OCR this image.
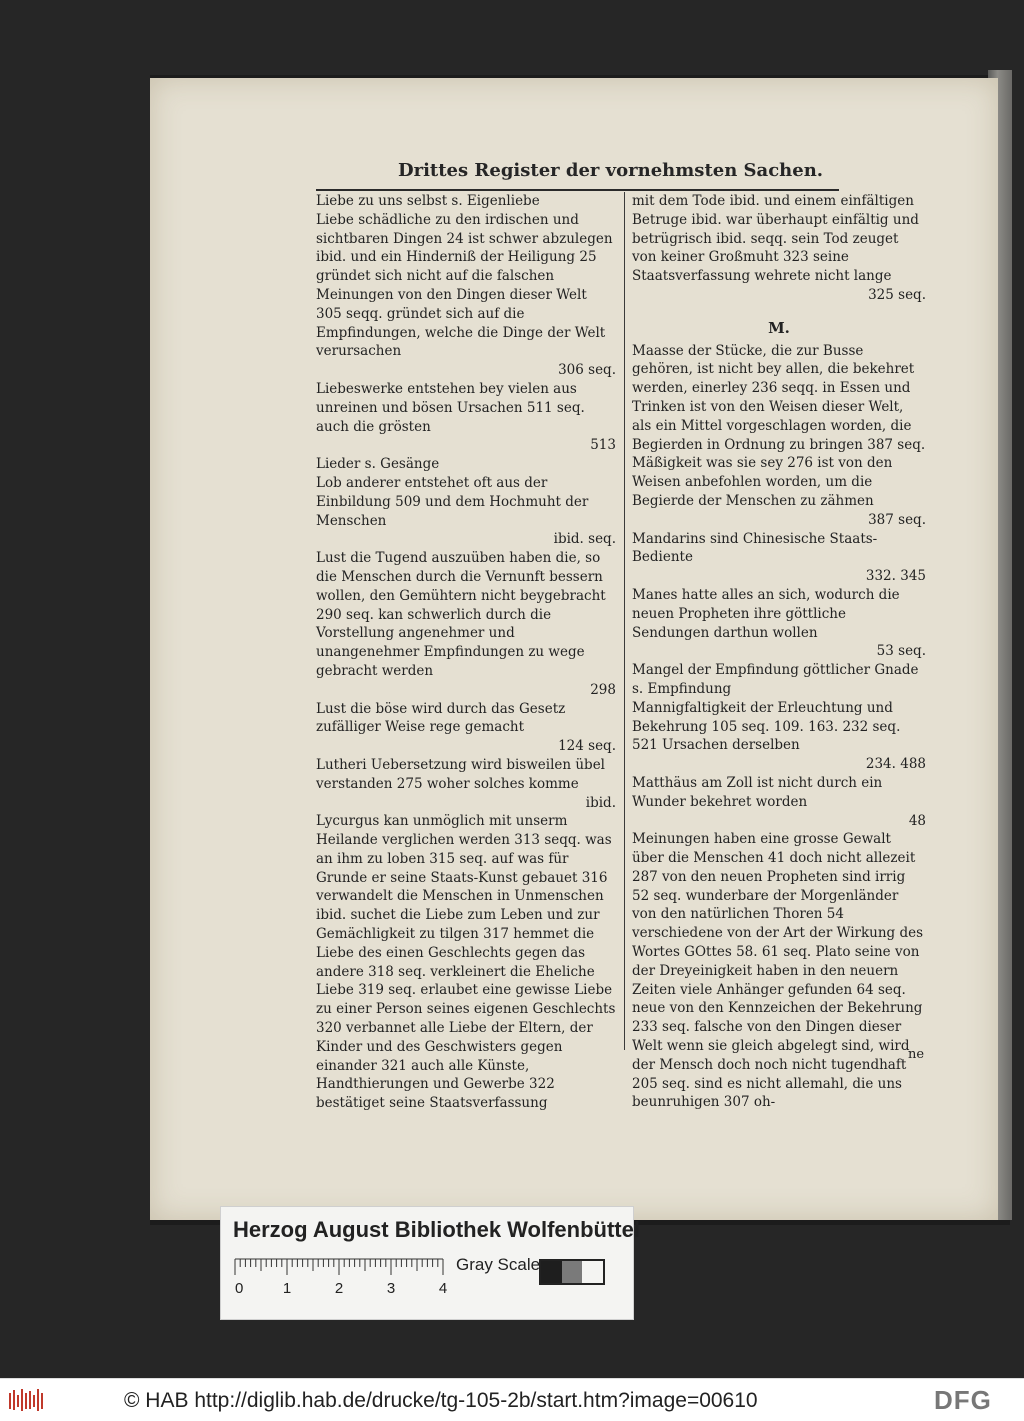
Drittes Register der vornehmsten Sachen.
Liebe zu uns selbst s. Eigenliebe
Liebe schädliche zu den irdischen und sichtbaren Dingen 24 ist schwer abzulegen ibid. und ein Hinderniß der Heiligung 25 gründet sich nicht auf die falschen Meinungen von den Dingen dieser Welt 305 seqq. gründet sich auf die Empfindungen, welche die Dinge der Welt verursachen
306 seq.
Liebeswerke entstehen bey vielen aus unreinen und bösen Ursachen 511 seq. auch die grösten
513
Lieder s. Gesänge
Lob anderer entstehet oft aus der Einbildung 509 und dem Hochmuht der Menschen
ibid. seq.
Lust die Tugend auszuüben haben die, so die Menschen durch die Vernunft bessern wollen, den Gemühtern nicht beygebracht 290 seq. kan schwerlich durch die Vorstellung angenehmer und unangenehmer Empfindungen zu wege gebracht werden
298
Lust die böse wird durch das Gesetz zufälliger Weise rege gemacht
124 seq.
Lutheri Uebersetzung wird bisweilen übel verstanden 275 woher solches komme
ibid.
Lycurgus kan unmöglich mit unserm Heilande verglichen werden 313 seqq. was an ihm zu loben 315 seq. auf was für Grunde er seine Staats-Kunst gebauet 316 verwandelt die Menschen in Unmenschen ibid. suchet die Liebe zum Leben und zur Gemächligkeit zu tilgen 317 hemmet die Liebe des einen Geschlechts gegen das andere 318 seq. verkleinert die Eheliche Liebe 319 seq. erlaubet eine gewisse Liebe zu einer Person seines eigenen Geschlechts 320 verbannet alle Liebe der Eltern, der Kinder und des Geschwisters gegen einander 321 auch alle Künste, Handthierungen und Gewerbe 322 bestätiget seine Staatsverfassung
mit dem Tode ibid. und einem einfältigen Betruge ibid. war überhaupt einfältig und betrügrisch ibid. seqq. sein Tod zeuget von keiner Großmuht 323 seine Staatsverfassung wehrete nicht lange
325 seq.
M.
Maasse der Stücke, die zur Busse gehören, ist nicht bey allen, die bekehret werden, einerley 236 seqq. in Essen und Trinken ist von den Weisen dieser Welt, als ein Mittel vorgeschlagen worden, die Begierden in Ordnung zu bringen 387 seq.
Mäßigkeit was sie sey 276 ist von den Weisen anbefohlen worden, um die Begierde der Menschen zu zähmen
387 seq.
Mandarins sind Chinesische Staats-Bediente
332. 345
Manes hatte alles an sich, wodurch die neuen Propheten ihre göttliche Sendungen darthun wollen
53 seq.
Mangel der Empfindung göttlicher Gnade s. Empfindung
Mannigfaltigkeit der Erleuchtung und Bekehrung 105 seq. 109. 163. 232 seq. 521 Ursachen derselben
234. 488
Matthäus am Zoll ist nicht durch ein Wunder bekehret worden
48
Meinungen haben eine grosse Gewalt über die Menschen 41 doch nicht allezeit 287 von den neuen Propheten sind irrig 52 seq. wunderbare der Morgenländer von den natürlichen Thoren 54 verschiedene von der Art der Wirkung des Wortes GOttes 58. 61 seq. Plato seine von der Dreyeinigkeit haben in den neuern Zeiten viele Anhänger gefunden 64 seq. neue von den Kennzeichen der Bekehrung 233 seq. falsche von den Dingen dieser Welt wenn sie gleich abgelegt sind, wird der Mensch doch noch nicht tugendhaft 205 seq. sind es nicht allemahl, die uns beunruhigen 307 oh-
ne
Herzog August Bibliothek Wolfenbüttel
0	1	2	3	4
Gray Scale
© HAB http://diglib.hab.de/drucke/tg-105-2b/start.htm?image=00610	DFG
